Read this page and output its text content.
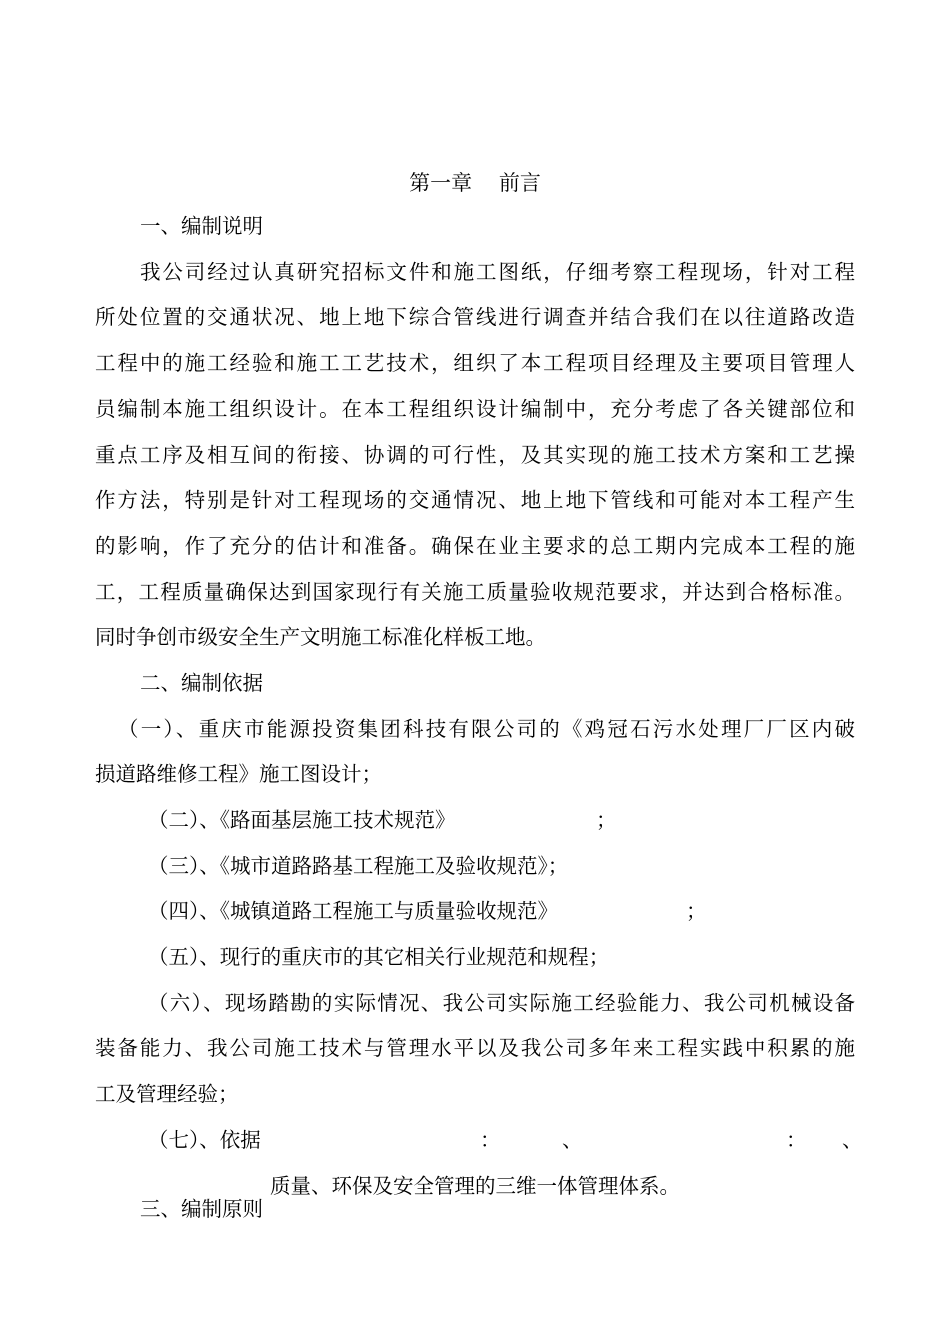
第一章    前言
一、编制说明
我公司经过认真研究招标文件和施工图纸，仔细考察工程现场，针对工程
所处位置的交通状况、地上地下综合管线进行调查并结合我们在以往道路改造
工程中的施工经验和施工工艺技术，组织了本工程项目经理及主要项目管理人
员编制本施工组织设计。在本工程组织设计编制中，充分考虑了各关键部位和
重点工序及相互间的衔接、协调的可行性，及其实现的施工技术方案和工艺操
作方法，特别是针对工程现场的交通情况、地上地下管线和可能对本工程产生
的影响，作了充分的估计和准备。确保在业主要求的总工期内完成本工程的施
工，工程质量确保达到国家现行有关施工质量验收规范要求，并达到合格标准。
同时争创市级安全生产文明施工标准化样板工地。
二、编制依据
（一）、重庆市能源投资集团科技有限公司的《鸡冠石污水处理厂厂区内破
损道路维修工程》施工图设计；
（二）、《路面基层施工技术规范》	；
（三）、《城市道路路基工程施工及验收规范》；
（四）、《城镇道路工程施工与质量验收规范》	；
（五）、现行的重庆市的其它相关行业规范和规程；
（六）、现场踏勘的实际情况、我公司实际施工经验能力、我公司机械设备
装备能力、我公司施工技术与管理水平以及我公司多年来工程实践中积累的施
工及管理经验；
（七）、依据	：	、	： 、
质量、环保及安全管理的三维一体管理体系。
三、编制原则
